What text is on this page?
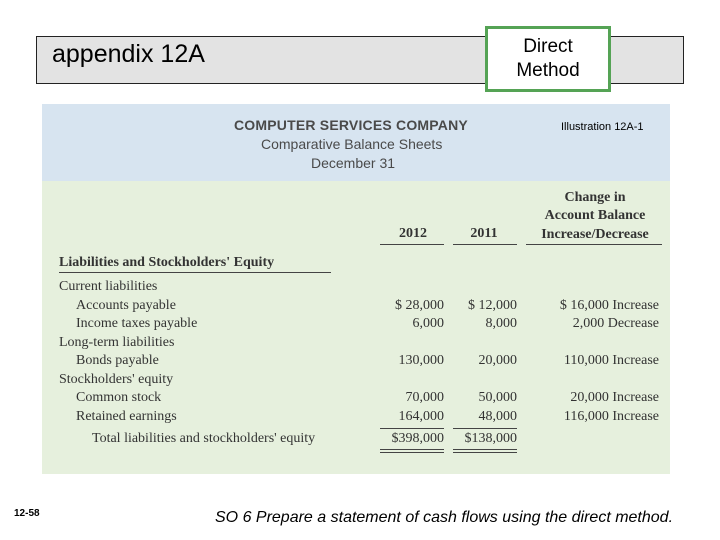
appendix 12A	Direct
Method
COMPUTER SERVICES COMPANY
Comparative Balance Sheets
December 31
Illustration 12A-1
Change in
Account Balance
Increase/Decrease
2012	2011
Liabilities and Stockholders' Equity
Current liabilities
Accounts payable	$ 28,000	$ 12,000	$ 16,000 Increase
Income taxes payable	6,000	8,000	2,000 Decrease
Long-term liabilities
Bonds payable	130,000	20,000	110,000 Increase
Stockholders' equity
Common stock	70,000	50,000	20,000 Increase
Retained earnings	164,000	48,000	116,000 Increase
Total liabilities and stockholders' equity	$398,000	$138,000
12-58	SO 6 Prepare a statement of cash flows using the direct method.
